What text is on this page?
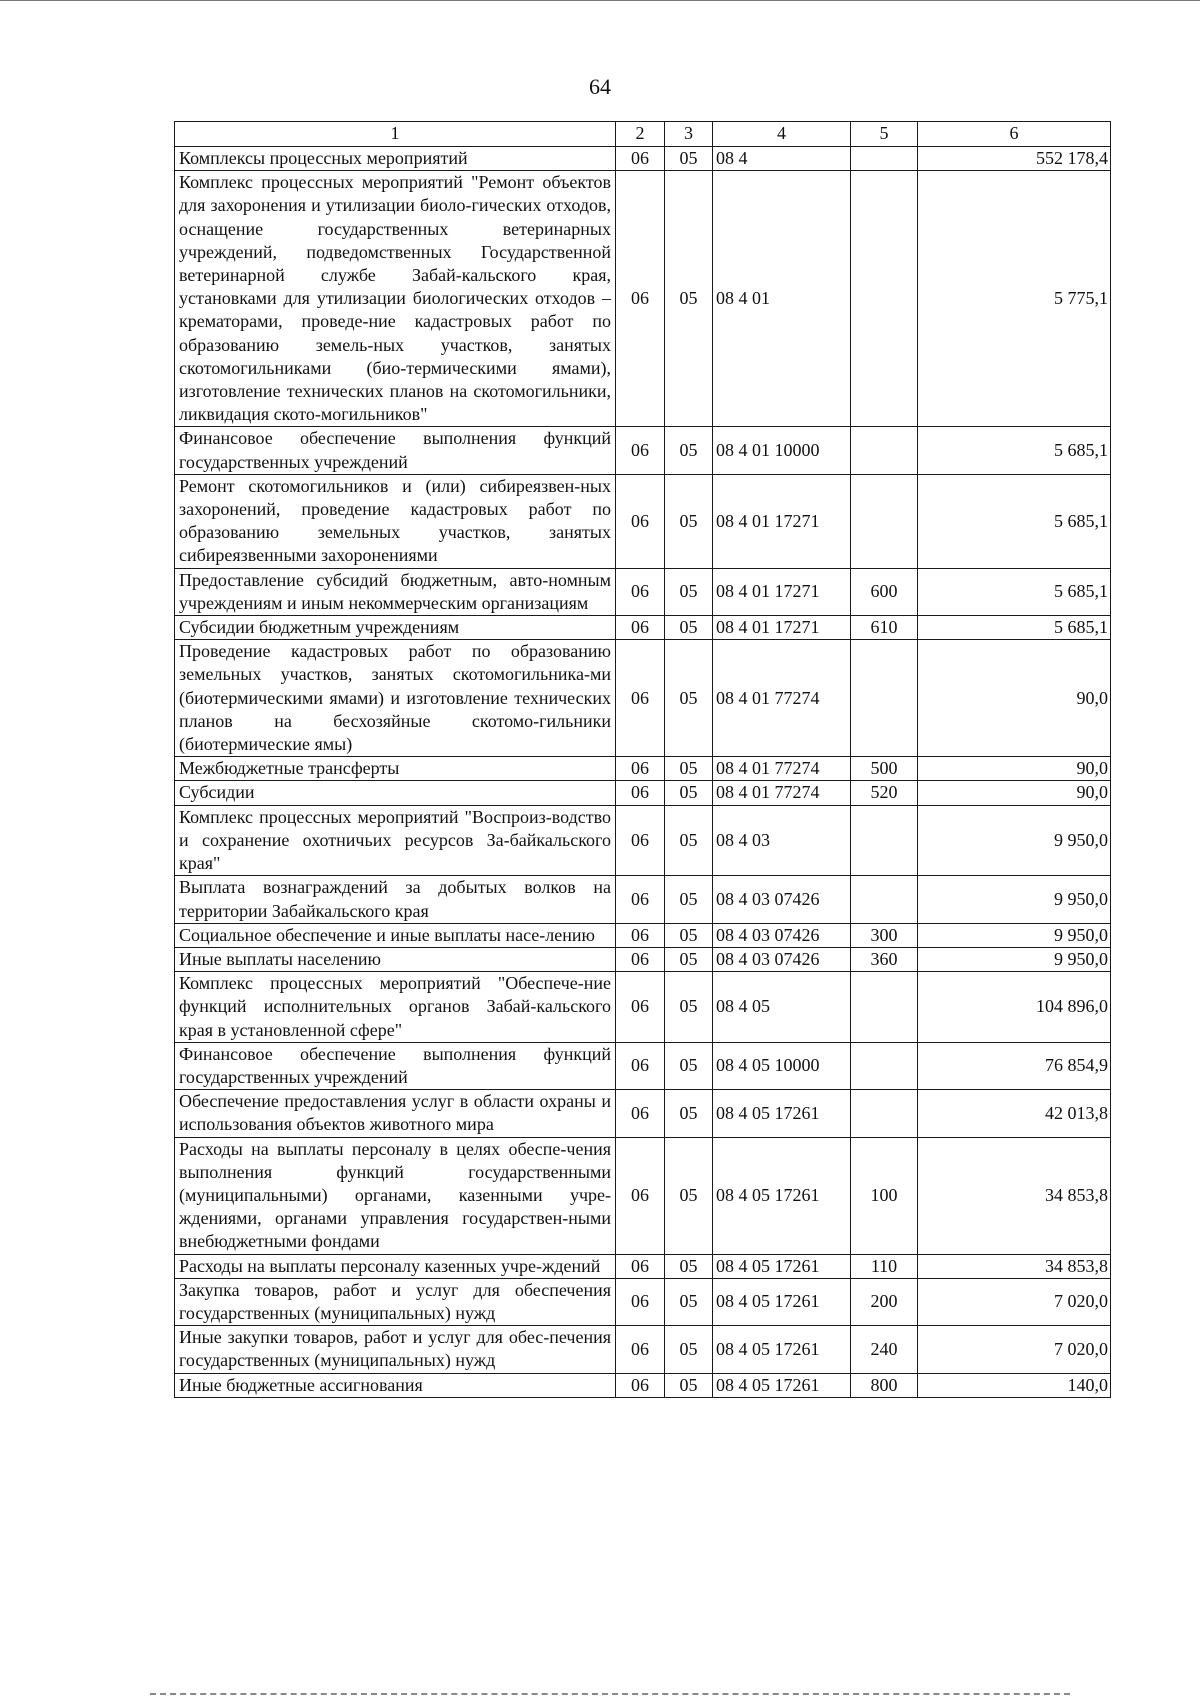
64
1	2	3	4	5	6
Комплексы процессных мероприятий	06	05	08 4		552 178,4
Комплекс процессных мероприятий "Ремонт объектов для захоронения и утилизации биоло-гических отходов, оснащение государственных ветеринарных учреждений, подведомственных Государственной ветеринарной службе Забай-кальского края, установками для утилизации биологических отходов – крематорами, проведе-ние кадастровых работ по образованию земель-ных участков, занятых скотомогильниками (био-термическими ямами), изготовление технических планов на скотомогильники, ликвидация ското-могильников"	06	05	08 4 01		5 775,1
Финансовое обеспечение выполнения функций государственных учреждений	06	05	08 4 01 10000		5 685,1
Ремонт скотомогильников и (или) сибиреязвен-ных захоронений, проведение кадастровых работ по образованию земельных участков, занятых сибиреязвенными захоронениями	06	05	08 4 01 17271		5 685,1
Предоставление субсидий бюджетным, авто-номным учреждениям и иным некоммерческим организациям	06	05	08 4 01 17271	600	5 685,1
Субсидии бюджетным учреждениям	06	05	08 4 01 17271	610	5 685,1
Проведение кадастровых работ по образованию земельных участков, занятых скотомогильника-ми (биотермическими ямами) и изготовление технических планов на бесхозяйные скотомо-гильники (биотермические ямы)	06	05	08 4 01 77274		90,0
Межбюджетные трансферты	06	05	08 4 01 77274	500	90,0
Субсидии	06	05	08 4 01 77274	520	90,0
Комплекс процессных мероприятий "Воспроиз-водство и сохранение охотничьих ресурсов За-байкальского края"	06	05	08 4 03		9 950,0
Выплата вознаграждений за добытых волков на территории Забайкальского края	06	05	08 4 03 07426		9 950,0
Социальное обеспечение и иные выплаты насе-лению	06	05	08 4 03 07426	300	9 950,0
Иные выплаты населению	06	05	08 4 03 07426	360	9 950,0
Комплекс процессных мероприятий "Обеспече-ние функций исполнительных органов Забай-кальского края в установленной сфере"	06	05	08 4 05		104 896,0
Финансовое обеспечение выполнения функций государственных учреждений	06	05	08 4 05 10000		76 854,9
Обеспечение предоставления услуг в области охраны и использования объектов животного мира	06	05	08 4 05 17261		42 013,8
Расходы на выплаты персоналу в целях обеспе-чения выполнения функций государственными (муниципальными) органами, казенными учре-ждениями, органами управления государствен-ными внебюджетными фондами	06	05	08 4 05 17261	100	34 853,8
Расходы на выплаты персоналу казенных учре-ждений	06	05	08 4 05 17261	110	34 853,8
Закупка товаров, работ и услуг для обеспечения государственных (муниципальных) нужд	06	05	08 4 05 17261	200	7 020,0
Иные закупки товаров, работ и услуг для обес-печения государственных (муниципальных) нужд	06	05	08 4 05 17261	240	7 020,0
Иные бюджетные ассигнования	06	05	08 4 05 17261	800	140,0
